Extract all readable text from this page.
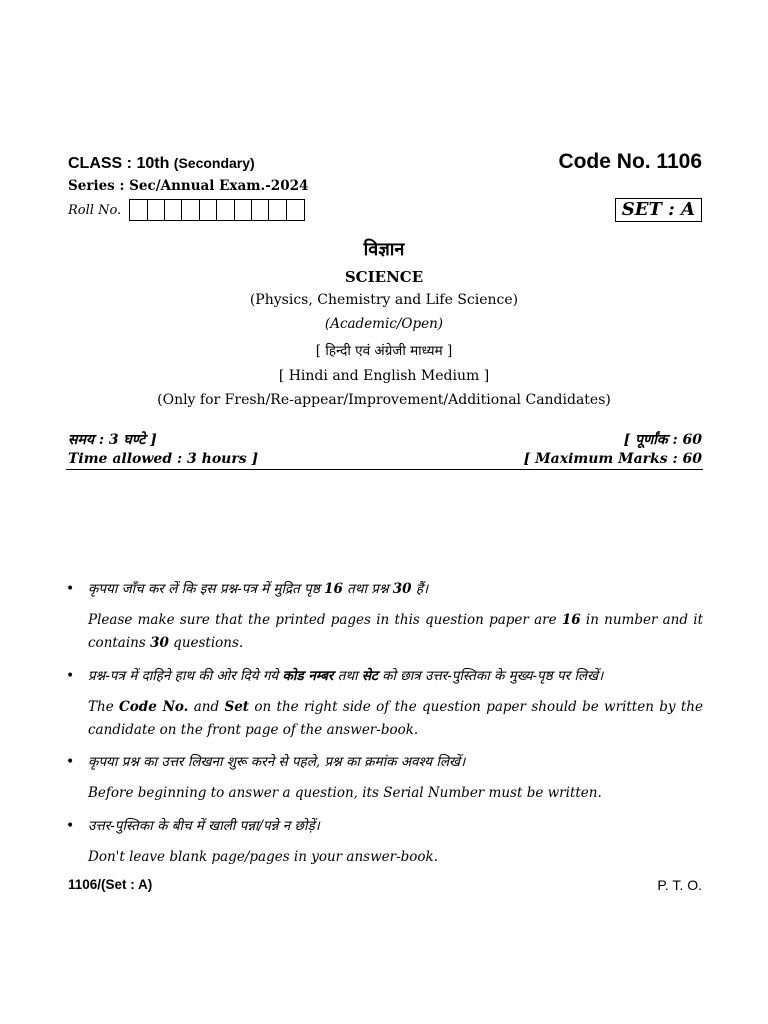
CLASS : 10th (Secondary)	Code No. 1106
Series : Sec/Annual Exam.-2024
Roll No.	SET : A
विज्ञान
SCIENCE
(Physics, Chemistry and Life Science)
(Academic/Open)
[ हिन्दी एवं अंग्रेजी माध्यम ]
[ Hindi and English Medium ]
(Only for Fresh/Re-appear/Improvement/Additional Candidates)
समय : 3 घण्टे ]	[ पूर्णांक : 60
Time allowed : 3 hours ]	[ Maximum Marks : 60
• कृपया जाँच कर लें कि इस प्रश्न-पत्र में मुद्रित पृष्ठ 16 तथा प्रश्न 30 हैं।
Please make sure that the printed pages in this question paper are 16 in number and it contains 30 questions.
• प्रश्न-पत्र में दाहिने हाथ की ओर दिये गये कोड नम्बर तथा सेट को छात्र उत्तर-पुस्तिका के मुख्य-पृष्ठ पर लिखें।
The Code No. and Set on the right side of the question paper should be written by the candidate on the front page of the answer-book.
• कृपया प्रश्न का उत्तर लिखना शुरू करने से पहले, प्रश्न का क्रमांक अवश्य लिखें।
Before beginning to answer a question, its Serial Number must be written.
• उत्तर-पुस्तिका के बीच में खाली पन्ना/पन्ने न छोड़ें।
Don't leave blank page/pages in your answer-book.
1106/(Set : A)	P. T. O.
